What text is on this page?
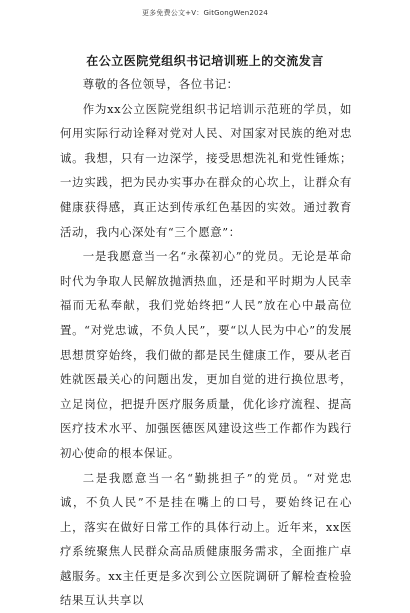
更多免费公文+V：GitGongWen2024
在公立医院党组织书记培训班上的交流发言

尊敬的各位领导，各位书记：

作为xx公立医院党组织书记培训示范班的学员，如何用实际行动诠释对党对人民、对国家对民族的绝对忠诚。我想，只有一边深学，接受思想洗礼和党性锤炼；一边实践，把为民办实事办在群众的心坎上，让群众有健康获得感，真正达到传承红色基因的实效。通过教育活动，我内心深处有“三个愿意”：

一是我愿意当一名“永葆初心”的党员。无论是革命时代为争取人民解放抛洒热血，还是和平时期为人民幸福而无私奉献，我们党始终把“人民”放在心中最高位置。“对党忠诚，不负人民”，要“以人民为中心”的发展思想贯穿始终，我们做的都是民生健康工作，要从老百姓就医最关心的问题出发，更加自觉的进行换位思考，立足岗位，把提升医疗服务质量，优化诊疗流程、提高医疗技术水平、加强医德医风建设这些工作都作为践行初心使命的根本保证。

二是我愿意当一名“勤挑担子”的党员。“对党忠诚，不负人民”不是挂在嘴上的口号，要始终记在心上，落实在做好日常工作的具体行动上。近年来，xx医疗系统聚焦人民群众高品质健康服务需求，全面推广卓越服务。xx主任更是多次到公立医院调研了解检查检验结果互认共享以
